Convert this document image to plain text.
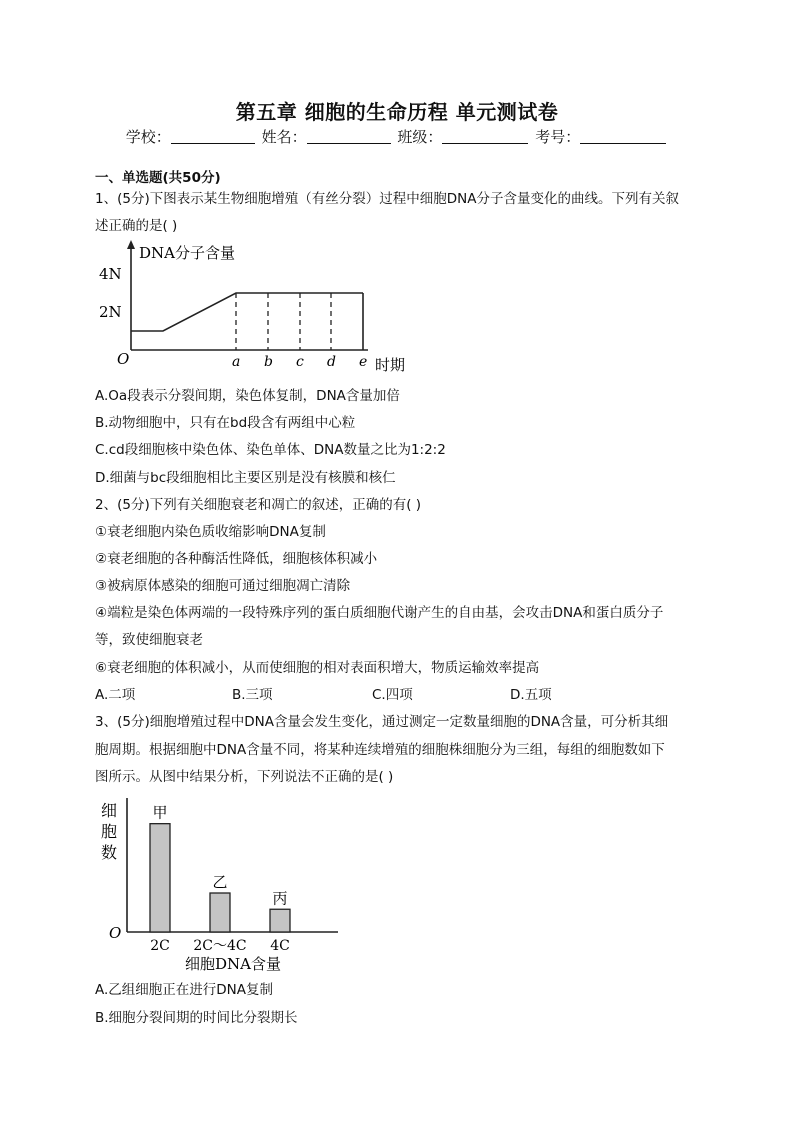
第五章 细胞的生命历程 单元测试卷
学校：	姓名：	班级：	考号：
一、单选题(共50分)
1、(5分)下图表示某生物细胞增殖（有丝分裂）过程中细胞DNA分子含量变化的曲线。下列有关叙
述正确的是( )
DNA分子含量
4N
2N
O	a b c d e 时期
A.Oa段表示分裂间期，染色体复制，DNA含量加倍
B.动物细胞中，只有在bd段含有两组中心粒
C.cd段细胞核中染色体、染色单体、DNA数量之比为1:2:2
D.细菌与bc段细胞相比主要区别是没有核膜和核仁
2、(5分)下列有关细胞衰老和凋亡的叙述，正确的有( )
①衰老细胞内染色质收缩影响DNA复制
②衰老细胞的各种酶活性降低，细胞核体积减小
③被病原体感染的细胞可通过细胞凋亡清除
④端粒是染色体两端的一段特殊序列的蛋白质细胞代谢产生的自由基，会攻击DNA和蛋白质分子
等，致使细胞衰老
⑥衰老细胞的体积减小，从而使细胞的相对表面积增大，物质运输效率提高
A.二项	B.三项	C.四项	D.五项
3、(5分)细胞增殖过程中DNA含量会发生变化，通过测定一定数量细胞的DNA含量，可分析其细
胞周期。根据细胞中DNA含量不同，将某种连续增殖的细胞株细胞分为三组，每组的细胞数如下
图所示。从图中结果分析，下列说法不正确的是( )
细
胞
数
O
甲
乙
丙
2C 2C～4C 4C
细胞DNA含量
A.乙组细胞正在进行DNA复制
B.细胞分裂间期的时间比分裂期长
